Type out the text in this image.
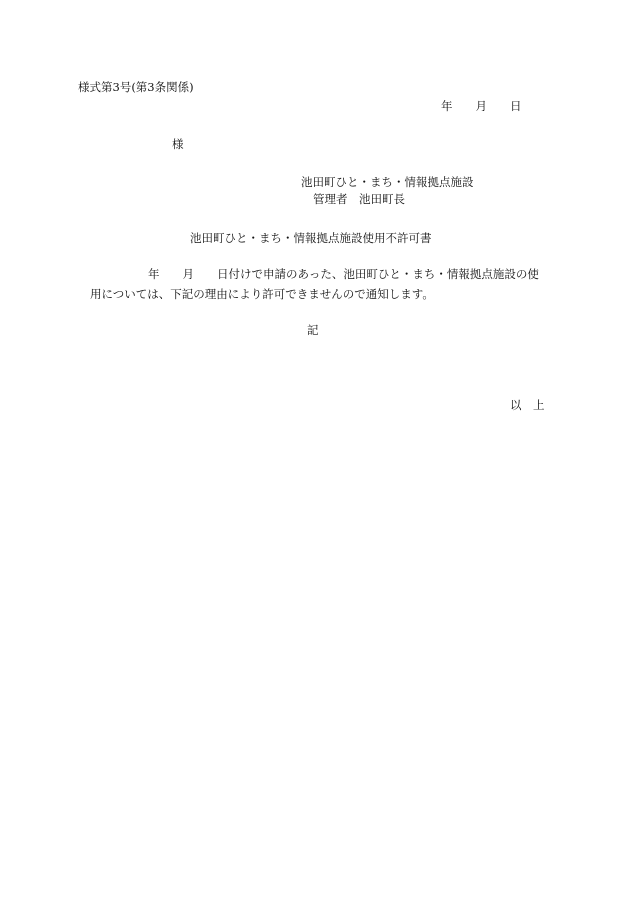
様式第3号(第3条関係)

年　　月　　日

様

池田町ひと・まち・情報拠点施設

管理者　池田町長

池田町ひと・まち・情報拠点施設使用不許可書

年　　月　　日付けで申請のあった、池田町ひと・まち・情報拠点施設の使

用については、下記の理由により許可できませんので通知します。

記

以　上
